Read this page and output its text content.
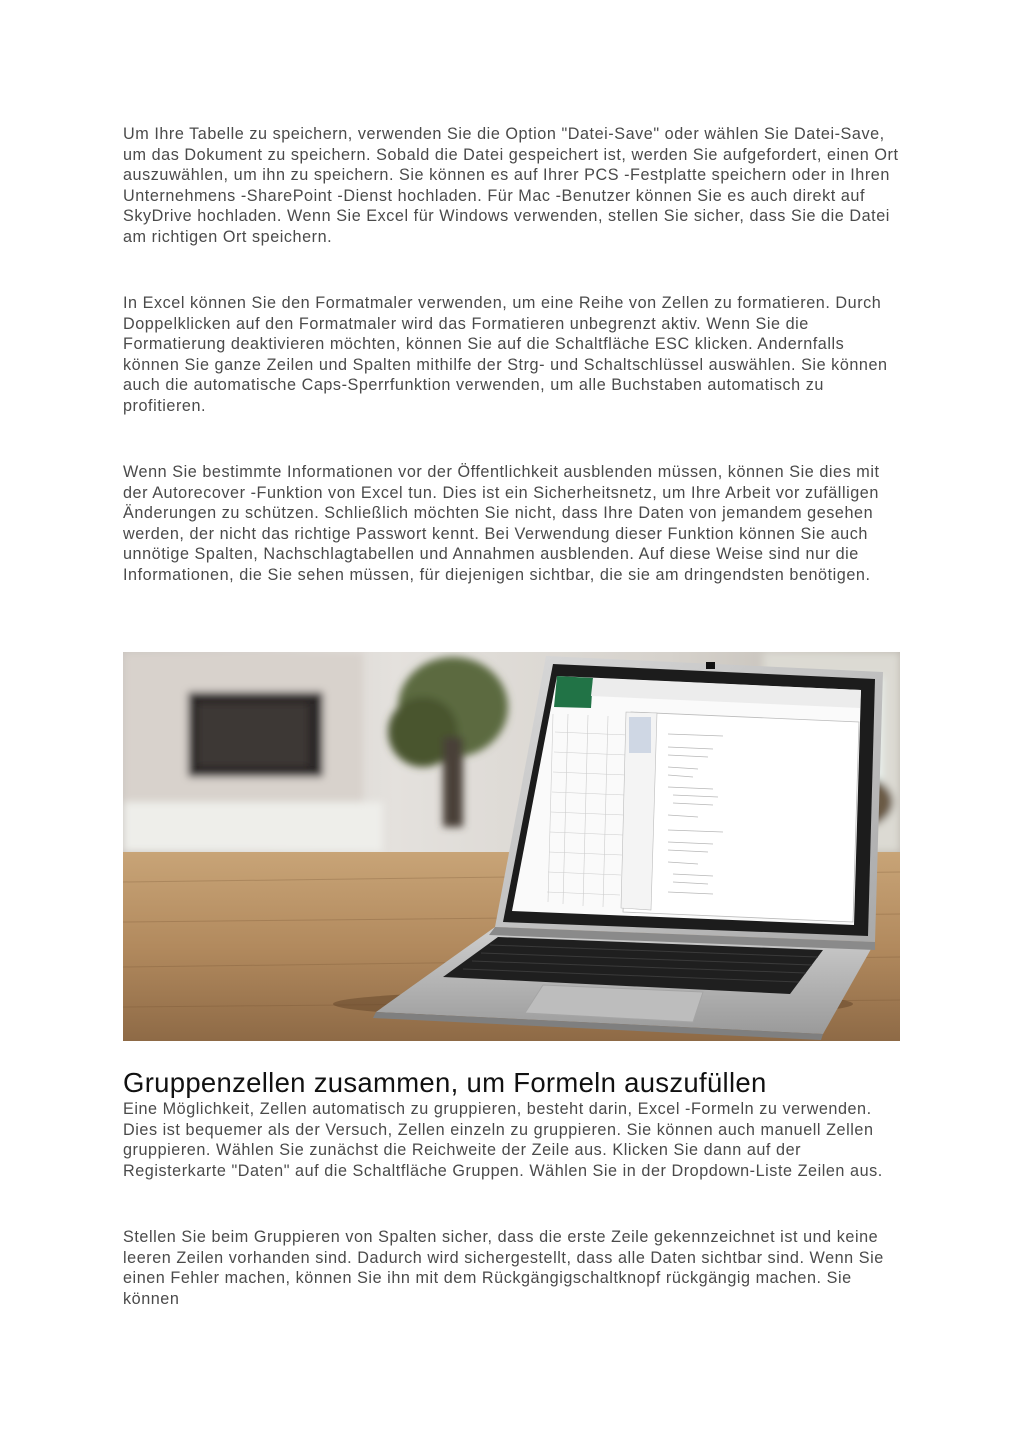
Um Ihre Tabelle zu speichern, verwenden Sie die Option "Datei-Save" oder wählen Sie Datei-Save, um das Dokument zu speichern. Sobald die Datei gespeichert ist, werden Sie aufgefordert, einen Ort auszuwählen, um ihn zu speichern. Sie können es auf Ihrer PCS -Festplatte speichern oder in Ihren Unternehmens -SharePoint -Dienst hochladen. Für Mac -Benutzer können Sie es auch direkt auf SkyDrive hochladen. Wenn Sie Excel für Windows verwenden, stellen Sie sicher, dass Sie die Datei am richtigen Ort speichern.

In Excel können Sie den Formatmaler verwenden, um eine Reihe von Zellen zu formatieren. Durch Doppelklicken auf den Formatmaler wird das Formatieren unbegrenzt aktiv. Wenn Sie die Formatierung deaktivieren möchten, können Sie auf die Schaltfläche ESC klicken. Andernfalls können Sie ganze Zeilen und Spalten mithilfe der Strg- und Schaltschlüssel auswählen. Sie können auch die automatische Caps-Sperrfunktion verwenden, um alle Buchstaben automatisch zu profitieren.

Wenn Sie bestimmte Informationen vor der Öffentlichkeit ausblenden müssen, können Sie dies mit der Autorecover -Funktion von Excel tun. Dies ist ein Sicherheitsnetz, um Ihre Arbeit vor zufälligen Änderungen zu schützen. Schließlich möchten Sie nicht, dass Ihre Daten von jemandem gesehen werden, der nicht das richtige Passwort kennt. Bei Verwendung dieser Funktion können Sie auch unnötige Spalten, Nachschlagtabellen und Annahmen ausblenden. Auf diese Weise sind nur die Informationen, die Sie sehen müssen, für diejenigen sichtbar, die sie am dringendsten benötigen.

Gruppenzellen zusammen, um Formeln auszufüllen

Eine Möglichkeit, Zellen automatisch zu gruppieren, besteht darin, Excel -Formeln zu verwenden. Dies ist bequemer als der Versuch, Zellen einzeln zu gruppieren. Sie können auch manuell Zellen gruppieren. Wählen Sie zunächst die Reichweite der Zeile aus. Klicken Sie dann auf der Registerkarte "Daten" auf die Schaltfläche Gruppen. Wählen Sie in der Dropdown-Liste Zeilen aus.

Stellen Sie beim Gruppieren von Spalten sicher, dass die erste Zeile gekennzeichnet ist und keine leeren Zeilen vorhanden sind. Dadurch wird sichergestellt, dass alle Daten sichtbar sind. Wenn Sie einen Fehler machen, können Sie ihn mit dem Rückgängigschaltknopf rückgängig machen. Sie können
